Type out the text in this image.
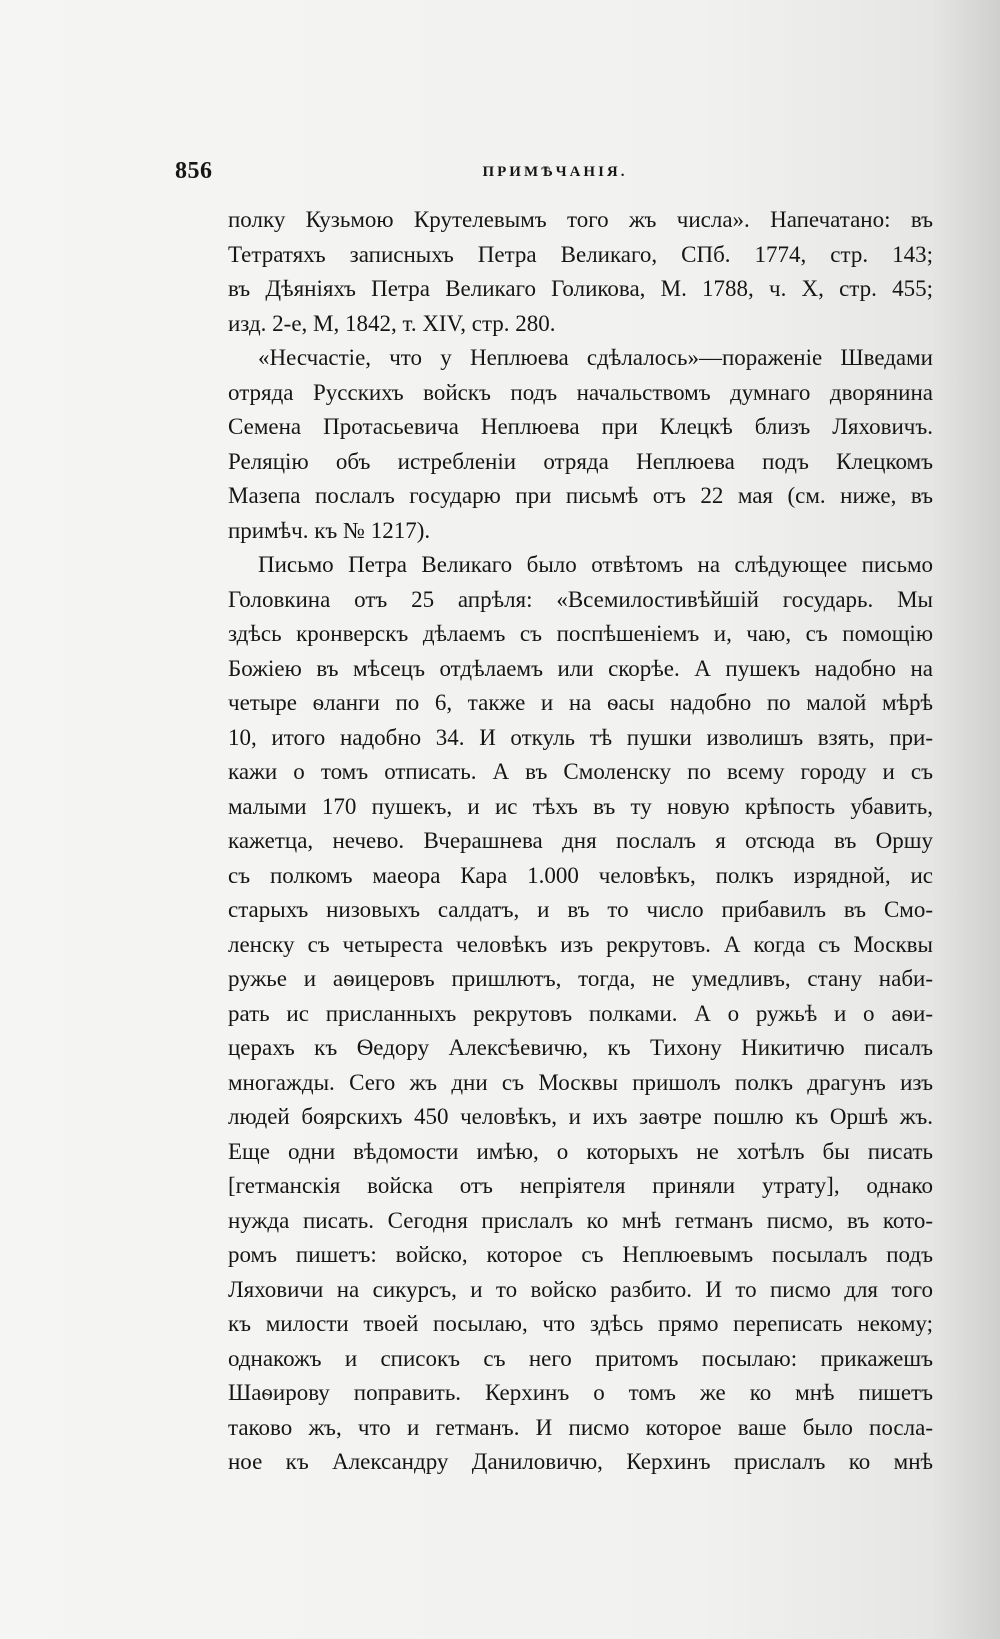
856	ПРИМѢЧАНІЯ.
полку Кузьмою Крутелевымъ того жъ числа». Напечатано: въ
Тетратяхъ записныхъ Петра Великаго, СПб. 1774, стр. 143;
въ Дѣяніяхъ Петра Великаго Голикова, М. 1788, ч. X, стр. 455;
изд. 2-е, М, 1842, т. XIV, стр. 280.
«Несчастіе, что у Неплюева сдѣлалось»—пораженіе Шведами
отряда Русскихъ войскъ подъ начальствомъ думнаго дворянина
Семена Протасьевича Неплюева при Клецкѣ близъ Ляховичъ.
Реляцію объ истребленіи отряда Неплюева подъ Клецкомъ
Мазепа послалъ государю при письмѣ отъ 22 мая (см. ниже, въ
примѣч. къ № 1217).
Письмо Петра Великаго было отвѣтомъ на слѣдующее письмо
Головкина отъ 25 апрѣля: «Всемилостивѣйшій государь. Мы
здѣсь кронверскъ дѣлаемъ съ поспѣшеніемъ и, чаю, съ помощію
Божіею въ мѣсецъ отдѣлаемъ или скорѣе. А пушекъ надобно на
четыре ѳланги по 6, также и на ѳасы надобно по малой мѣрѣ
10, итого надобно 34. И откуль тѣ пушки изволишъ взять, при-
кажи о томъ отписать. А въ Смоленску по всему городу и съ
малыми 170 пушекъ, и ис тѣхъ въ ту новую крѣпость убавить,
кажетца, нечево. Вчерашнева дня послалъ я отсюда въ Оршу
съ полкомъ маеора Кара 1.000 человѣкъ, полкъ изрядной, ис
старыхъ низовыхъ салдатъ, и въ то число прибавилъ въ Смо-
ленску съ четыреста человѣкъ изъ рекрутовъ. А когда съ Москвы
ружье и аѳицеровъ пришлютъ, тогда, не умедливъ, стану наби-
рать ис присланныхъ рекрутовъ полками. А о ружьѣ и о аѳи-
церахъ къ Ѳедору Алексѣевичю, къ Тихону Никитичю писалъ
многажды. Сего жъ дни съ Москвы пришолъ полкъ драгунъ изъ
людей боярскихъ 450 человѣкъ, и ихъ заѳтре пошлю къ Оршѣ жъ.
Еще одни вѣдомости имѣю, о которыхъ не хотѣлъ бы писать
[гетманскія войска отъ непріятеля приняли утрату], однако
нужда писать. Сегодня прислалъ ко мнѣ гетманъ писмо, въ кото-
ромъ пишетъ: войско, которое съ Неплюевымъ посылалъ подъ
Ляховичи на сикурсъ, и то войско разбито. И то писмо для того
къ милости твоей посылаю, что здѣсь прямо переписать некому;
однакожъ и списокъ съ него притомъ посылаю: прикажешъ
Шаѳирову поправить. Керхинъ о томъ же ко мнѣ пишетъ
таково жъ, что и гетманъ. И писмо которое ваше было посла-
ное къ Александру Даниловичю, Керхинъ прислалъ ко мнѣ
